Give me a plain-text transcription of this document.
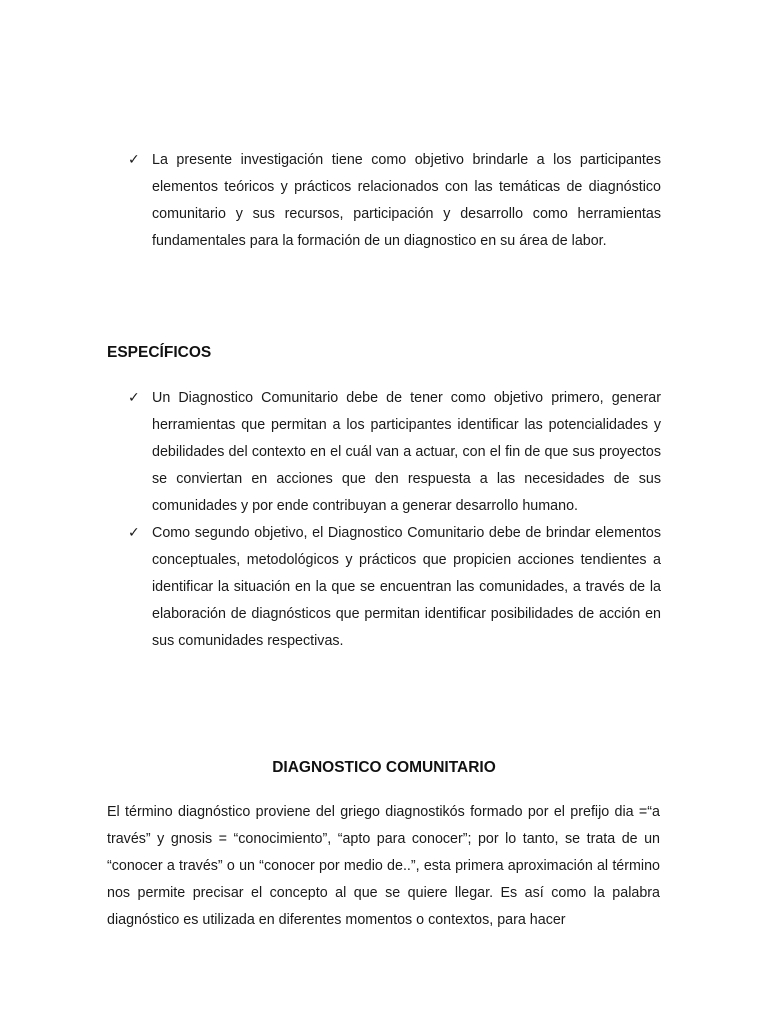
✓ La presente investigación tiene como objetivo brindarle a los participantes elementos teóricos y prácticos relacionados con las temáticas de diagnóstico comunitario y sus recursos, participación y desarrollo como herramientas fundamentales para la formación de un diagnostico en su área de labor.
ESPECÍFICOS
✓ Un Diagnostico Comunitario debe de tener como objetivo primero, generar herramientas que permitan a los participantes identificar las potencialidades y debilidades del contexto en el cuál van a actuar, con el fin de que sus proyectos se conviertan en acciones que den respuesta a las necesidades de sus comunidades y por ende contribuyan a generar desarrollo humano.
✓ Como segundo objetivo, el Diagnostico Comunitario debe de brindar elementos conceptuales, metodológicos y prácticos que propicien acciones tendientes a identificar la situación en la que se encuentran las comunidades, a través de la elaboración de diagnósticos que permitan identificar posibilidades de acción en sus comunidades respectivas.
DIAGNOSTICO COMUNITARIO

El término diagnóstico proviene del griego diagnostikós formado por el prefijo dia =“a través” y gnosis = “conocimiento”, “apto para conocer”; por lo tanto, se trata de un “conocer a través” o un “conocer por medio de..”, esta primera aproximación al término nos permite precisar el concepto al que se quiere llegar. Es así como la palabra diagnóstico es utilizada en diferentes momentos o contextos, para hacer
